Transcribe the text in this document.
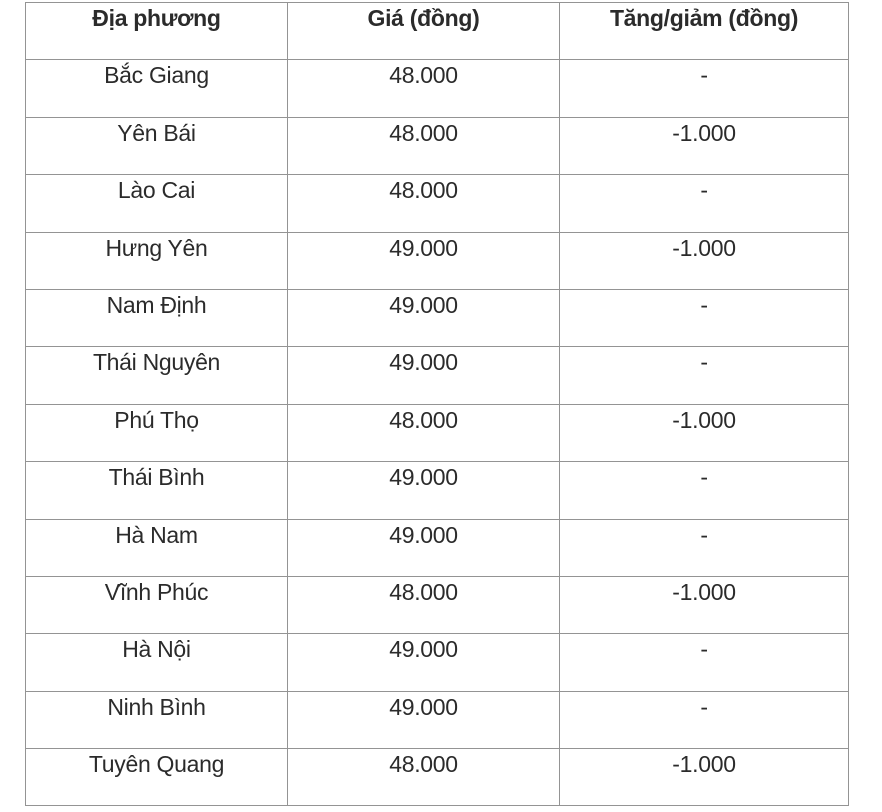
Địa phương	Giá (đồng)	Tăng/giảm (đồng)
Bắc Giang	48.000	-
Yên Bái	48.000	-1.000
Lào Cai	48.000	-
Hưng Yên	49.000	-1.000
Nam Định	49.000	-
Thái Nguyên	49.000	-
Phú Thọ	48.000	-1.000
Thái Bình	49.000	-
Hà Nam	49.000	-
Vĩnh Phúc	48.000	-1.000
Hà Nội	49.000	-
Ninh Bình	49.000	-
Tuyên Quang	48.000	-1.000
